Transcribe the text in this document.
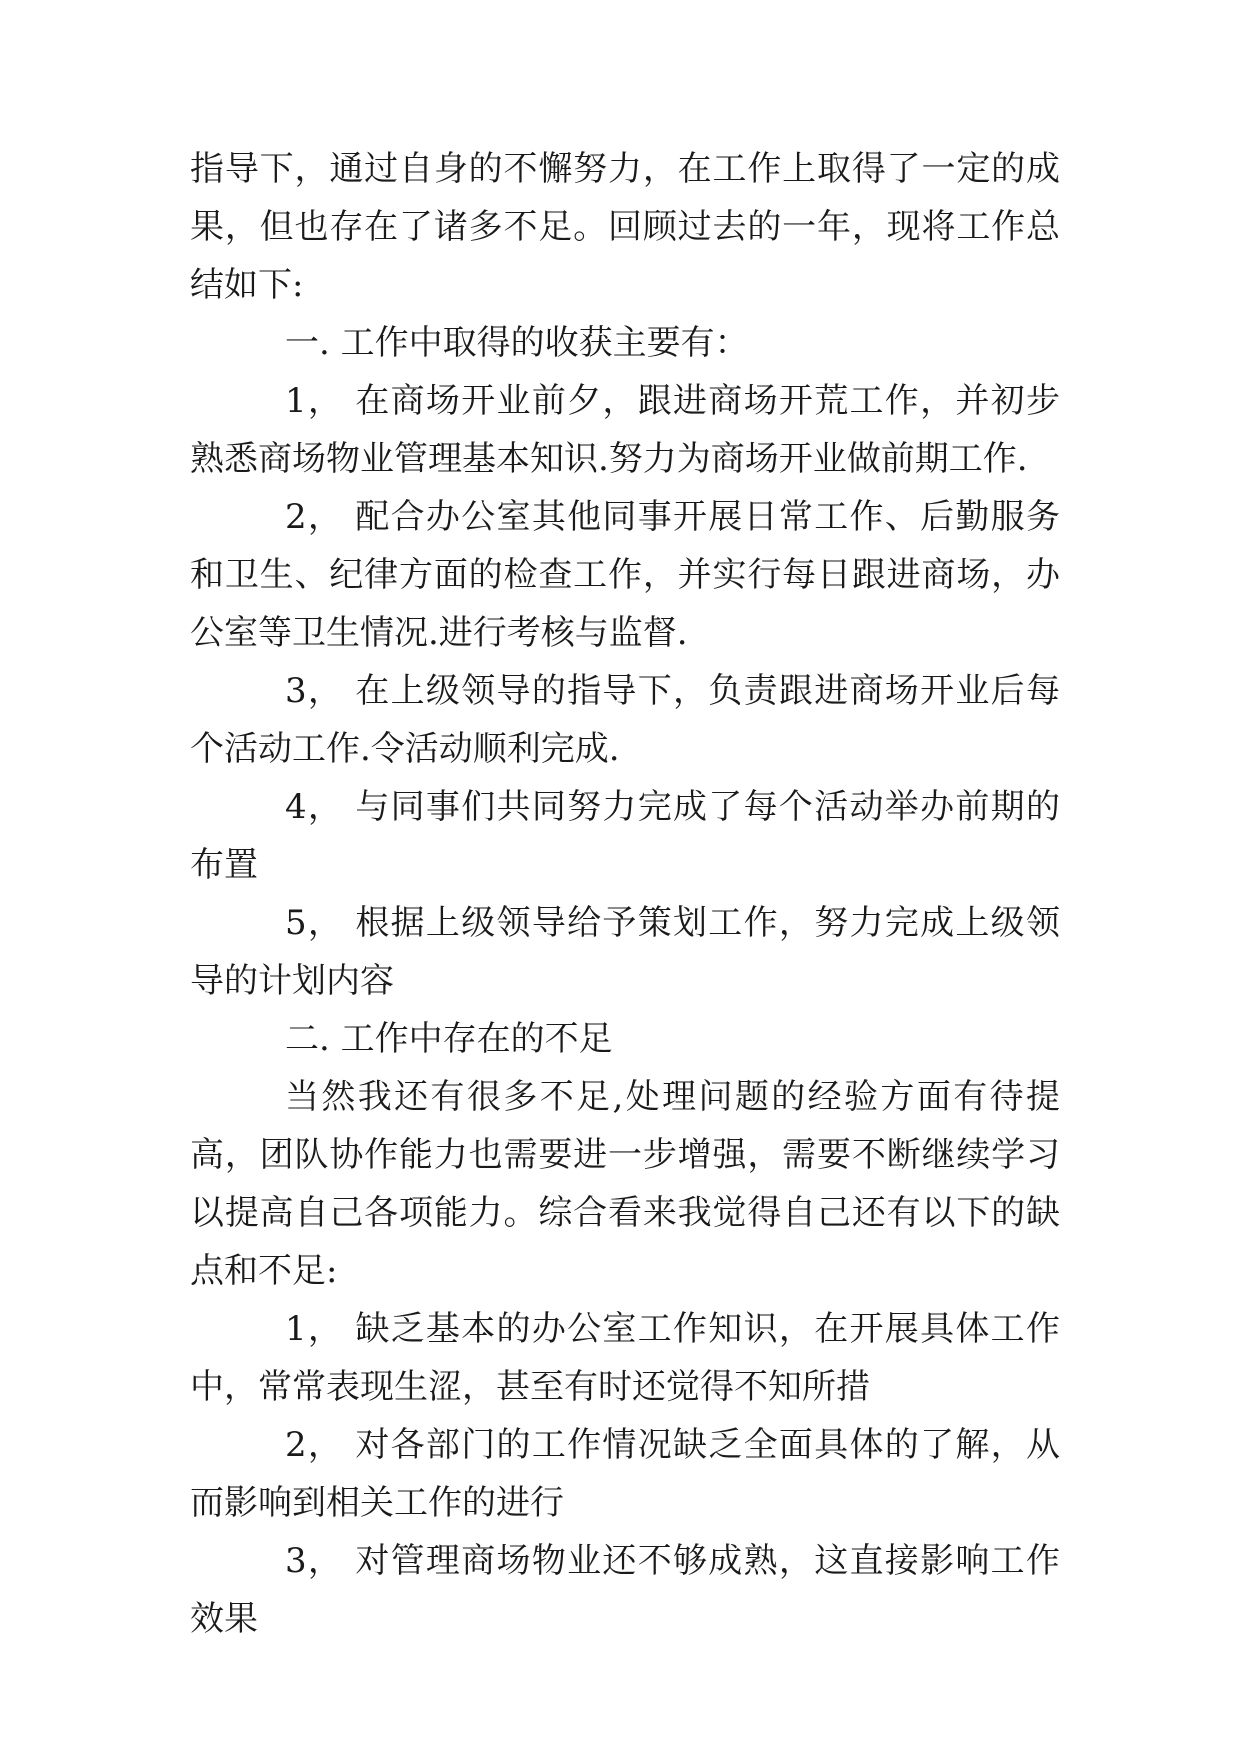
指导下，通过自身的不懈努力，在工作上取得了一定的成果，但也存在了诸多不足。回顾过去的一年，现将工作总结如下:

一. 工作中取得的收获主要有：

1， 在商场开业前夕，跟进商场开荒工作，并初步熟悉商场物业管理基本知识.努力为商场开业做前期工作.

2， 配合办公室其他同事开展日常工作、后勤服务和卫生、纪律方面的检查工作，并实行每日跟进商场，办公室等卫生情况.进行考核与监督.

3， 在上级领导的指导下，负责跟进商场开业后每个活动工作.令活动顺利完成.

4， 与同事们共同努力完成了每个活动举办前期的布置

5， 根据上级领导给予策划工作，努力完成上级领导的计划内容

二. 工作中存在的不足

当然我还有很多不足,处理问题的经验方面有待提高，团队协作能力也需要进一步增强，需要不断继续学习以提高自己各项能力。综合看来我觉得自己还有以下的缺点和不足:

1， 缺乏基本的办公室工作知识，在开展具体工作中，常常表现生涩，甚至有时还觉得不知所措

2， 对各部门的工作情况缺乏全面具体的了解，从而影响到相关工作的进行

3， 对管理商场物业还不够成熟，这直接影响工作效果
